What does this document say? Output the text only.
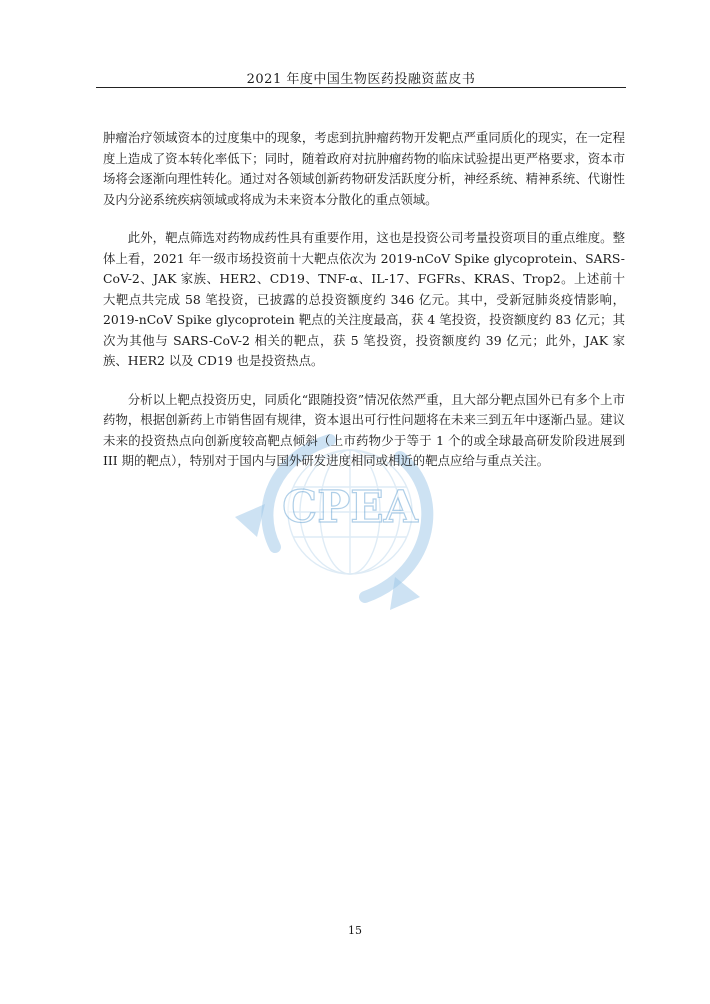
2021 年度中国生物医药投融资蓝皮书
CPEA

肿瘤治疗领域资本的过度集中的现象，考虑到抗肿瘤药物开发靶点严重同质化的现实，在一定程度上造成了资本转化率低下；同时，随着政府对抗肿瘤药物的临床试验提出更严格要求，资本市场将会逐渐向理性转化。通过对各领域创新药物研发活跃度分析，神经系统、精神系统、代谢性及内分泌系统疾病领域或将成为未来资本分散化的重点领域。

此外，靶点筛选对药物成药性具有重要作用，这也是投资公司考量投资项目的重点维度。整体上看，2021 年一级市场投资前十大靶点依次为 2019-nCoV Spike glycoprotein、SARS-CoV-2、JAK 家族、HER2、CD19、TNF-α、IL-17、FGFRs、KRAS、Trop2。上述前十大靶点共完成 58 笔投资，已披露的总投资额度约 346 亿元。其中，受新冠肺炎疫情影响，2019-nCoV Spike glycoprotein 靶点的关注度最高，获 4 笔投资，投资额度约 83 亿元；其次为其他与 SARS-CoV-2 相关的靶点，获 5 笔投资，投资额度约 39 亿元；此外，JAK 家族、HER2 以及 CD19 也是投资热点。

分析以上靶点投资历史，同质化“跟随投资”情况依然严重，且大部分靶点国外已有多个上市药物，根据创新药上市销售固有规律，资本退出可行性问题将在未来三到五年中逐渐凸显。建议未来的投资热点向创新度较高靶点倾斜（上市药物少于等于 1 个的或全球最高研发阶段进展到 III 期的靶点），特别对于国内与国外研发进度相同或相近的靶点应给与重点关注。

15
